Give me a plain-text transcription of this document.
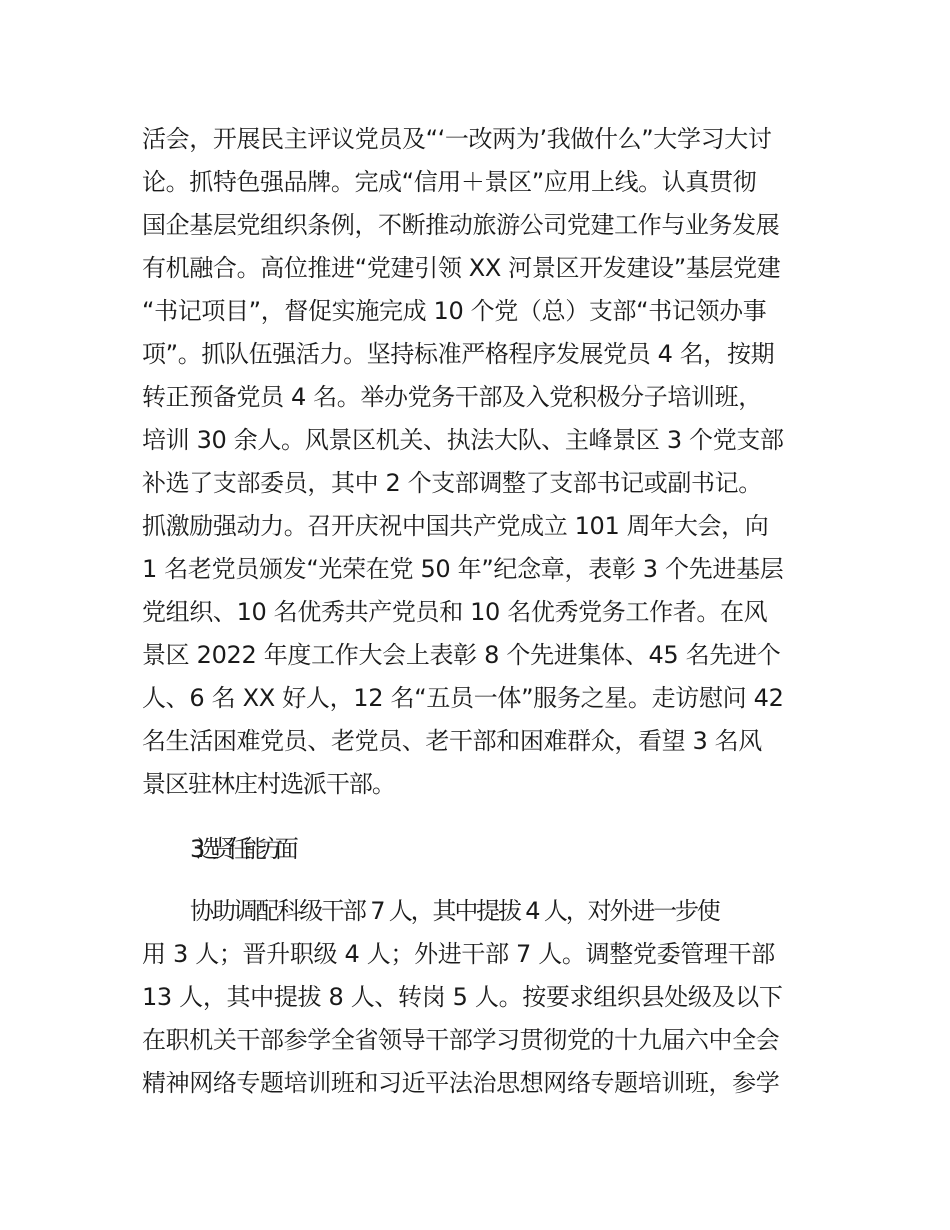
活会，开展民主评议党员及“‘一改两为’我做什么”大学习大讨
论。抓特色强品牌。完成“信用＋景区”应用上线。认真贯彻
国企基层党组织条例，不断推动旅游公司党建工作与业务发展
有机融合。高位推进“党建引领 XX 河景区开发建设”基层党建
“书记项目”，督促实施完成 10 个党（总）支部“书记领办事
项”。抓队伍强活力。坚持标准严格程序发展党员 4 名，按期
转正预备党员 4 名。举办党务干部及入党积极分子培训班，
培训 30 余人。风景区机关、执法大队、主峰景区 3 个党支部
补选了支部委员，其中 2 个支部调整了支部书记或副书记。
抓激励强动力。召开庆祝中国共产党成立 101 周年大会，向
1 名老党员颁发“光荣在党 50 年”纪念章，表彰 3 个先进基层
党组织、10 名优秀共产党员和 10 名优秀党务工作者。在风
景区 2022 年度工作大会上表彰 8 个先进集体、45 名先进个
人、6 名 XX 好人，12 名“五员一体”服务之星。走访慰问 42
名生活困难党员、老党员、老干部和困难群众，看望 3 名风
景区驻林庄村选派干部。
3.选贤任能方面
协助调配科级干部 7 人，其中提拔 4 人，对外进一步使
用 3 人；晋升职级 4 人；外进干部 7 人。调整党委管理干部
13 人，其中提拔 8 人、转岗 5 人。按要求组织县处级及以下
在职机关干部参学全省领导干部学习贯彻党的十九届六中全会
精神网络专题培训班和习近平法治思想网络专题培训班，参学
